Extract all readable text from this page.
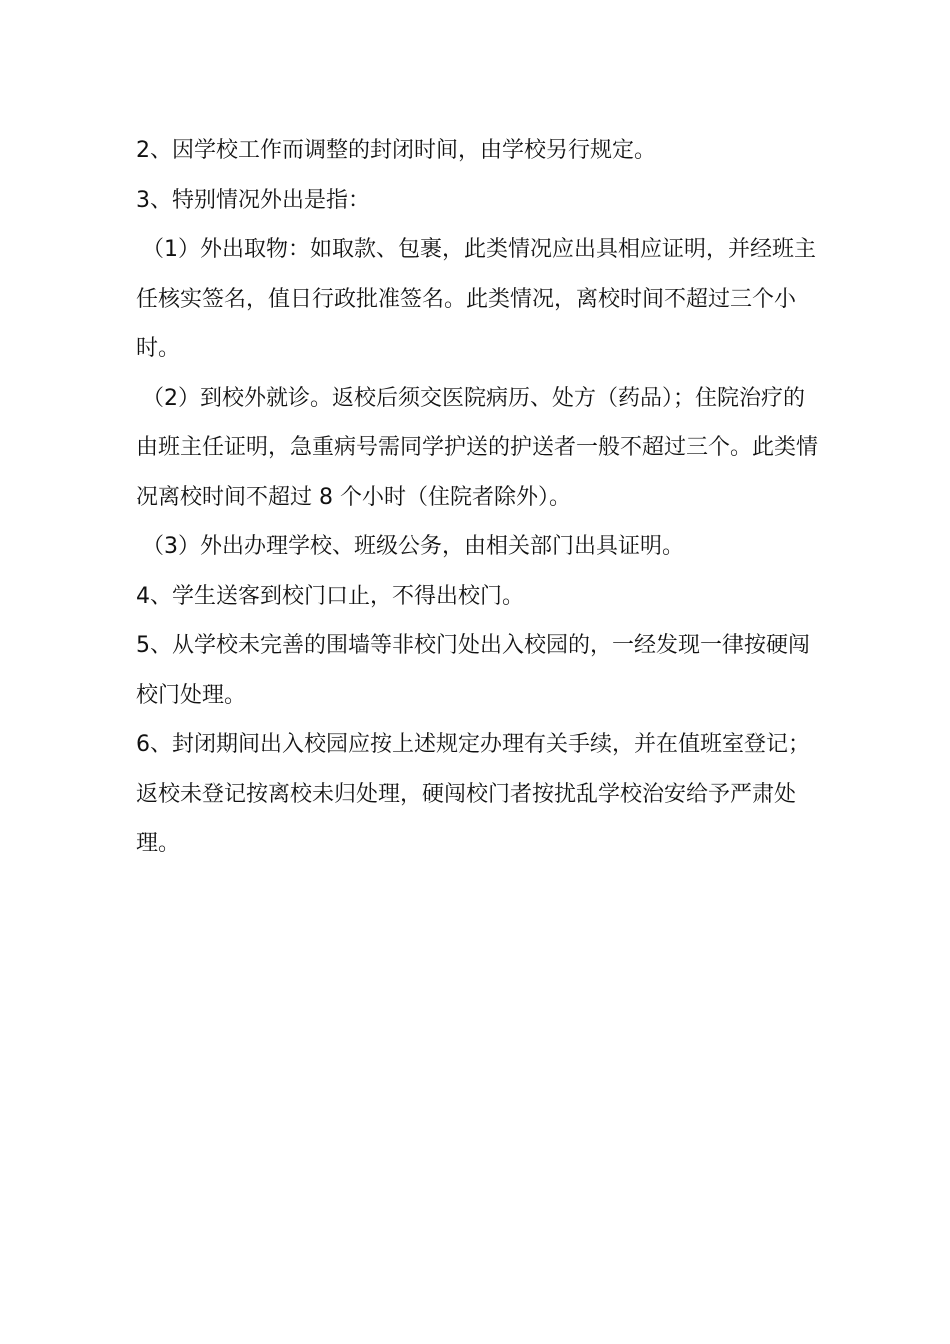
2、因学校工作而调整的封闭时间，由学校另行规定。

3、特别情况外出是指：

（1）外出取物：如取款、包裹，此类情况应出具相应证明，并经班主任核实签名，值日行政批准签名。此类情况，离校时间不超过三个小时。

（2）到校外就诊。返校后须交医院病历、处方（药品）；住院治疗的由班主任证明，急重病号需同学护送的护送者一般不超过三个。此类情况离校时间不超过 8 个小时（住院者除外）。

（3）外出办理学校、班级公务，由相关部门出具证明。

4、学生送客到校门口止，不得出校门。

5、从学校未完善的围墙等非校门处出入校园的，一经发现一律按硬闯校门处理。

6、封闭期间出入校园应按上述规定办理有关手续，并在值班室登记；返校未登记按离校未归处理，硬闯校门者按扰乱学校治安给予严肃处理。
